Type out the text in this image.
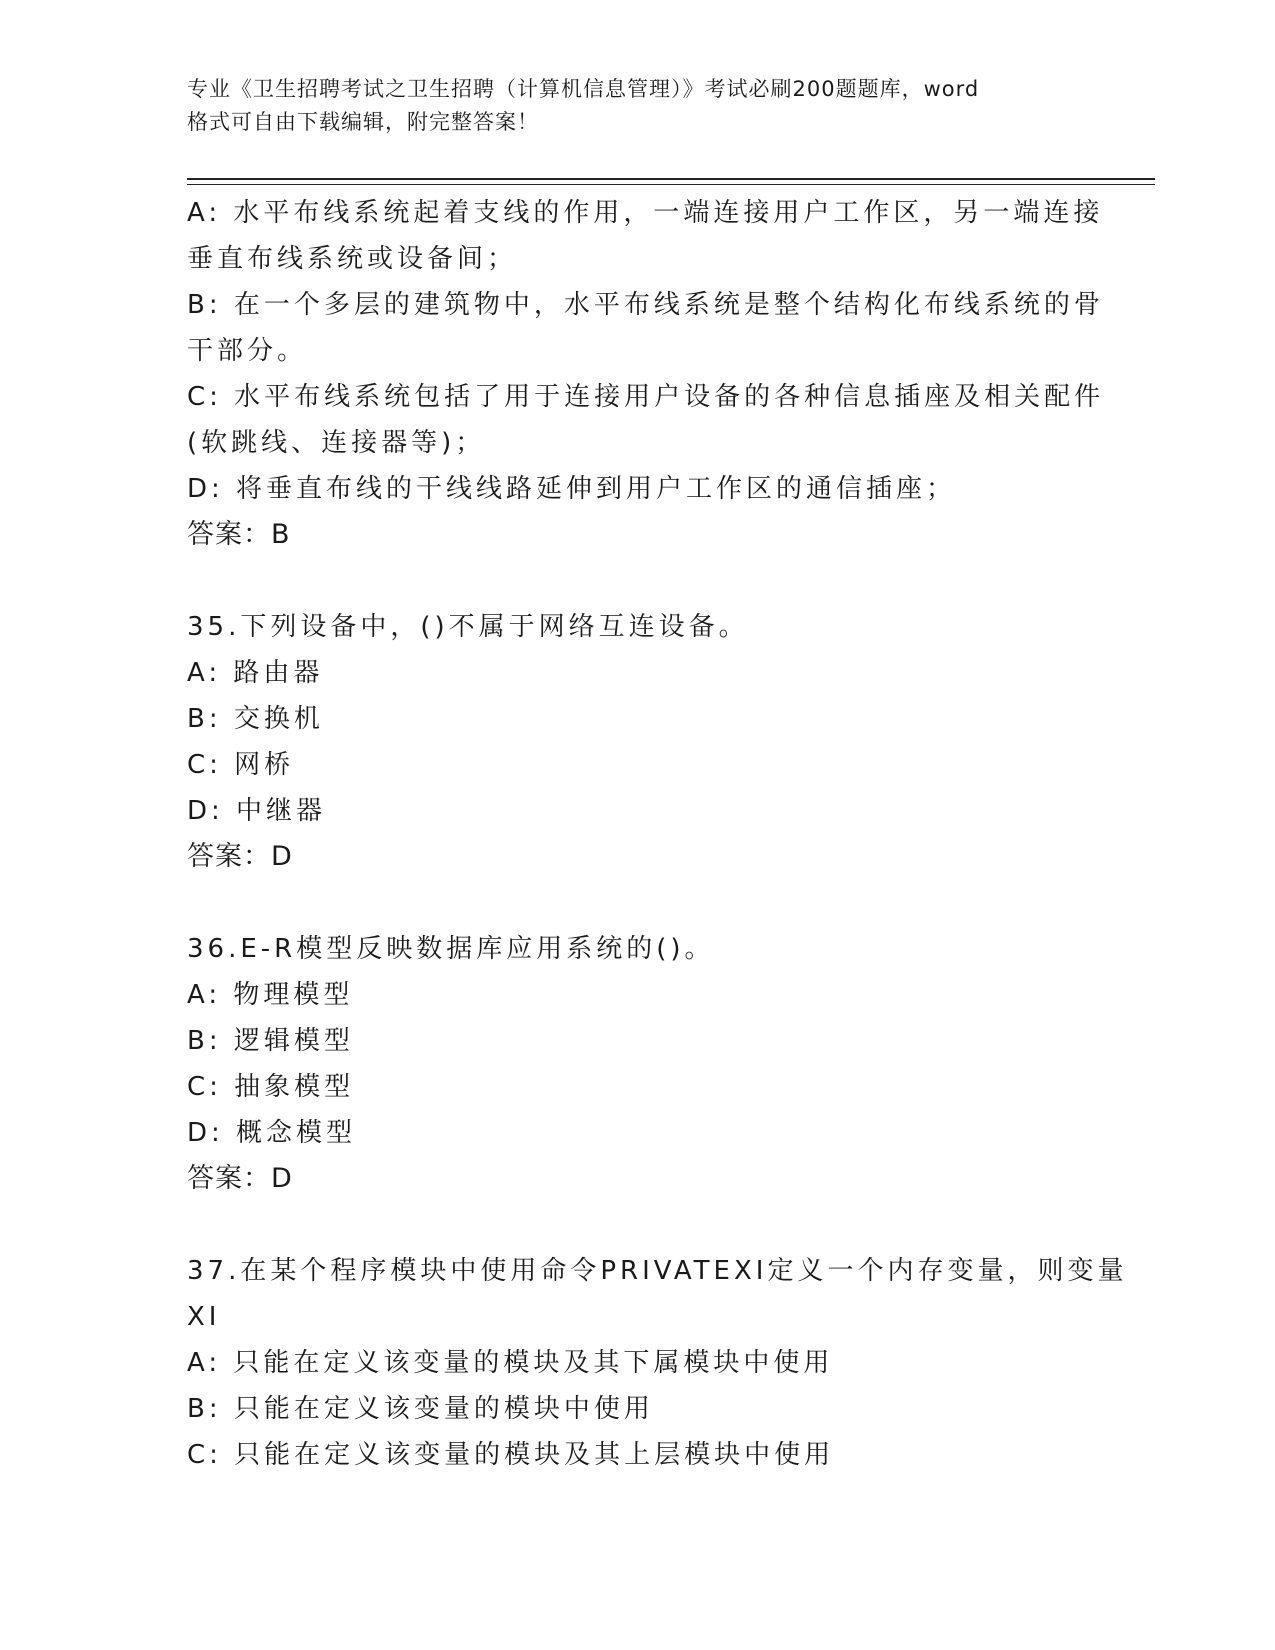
专业《卫生招聘考试之卫生招聘（计算机信息管理）》考试必刷200题题库，word
格式可自由下载编辑，附完整答案！
A: 水平布线系统起着支线的作用，一端连接用户工作区，另一端连接
垂直布线系统或设备间；
B: 在一个多层的建筑物中，水平布线系统是整个结构化布线系统的骨
干部分。
C: 水平布线系统包括了用于连接用户设备的各种信息插座及相关配件
(软跳线、连接器等)；
D: 将垂直布线的干线线路延伸到用户工作区的通信插座；
答案：B
35.下列设备中，()不属于网络互连设备。
A: 路由器
B: 交换机
C: 网桥
D: 中继器
答案：D
36.E-R模型反映数据库应用系统的()。
A: 物理模型
B: 逻辑模型
C: 抽象模型
D: 概念模型
答案：D
37.在某个程序模块中使用命令PRIVATEXI定义一个内存变量，则变量
XI
A: 只能在定义该变量的模块及其下属模块中使用
B: 只能在定义该变量的模块中使用
C: 只能在定义该变量的模块及其上层模块中使用
